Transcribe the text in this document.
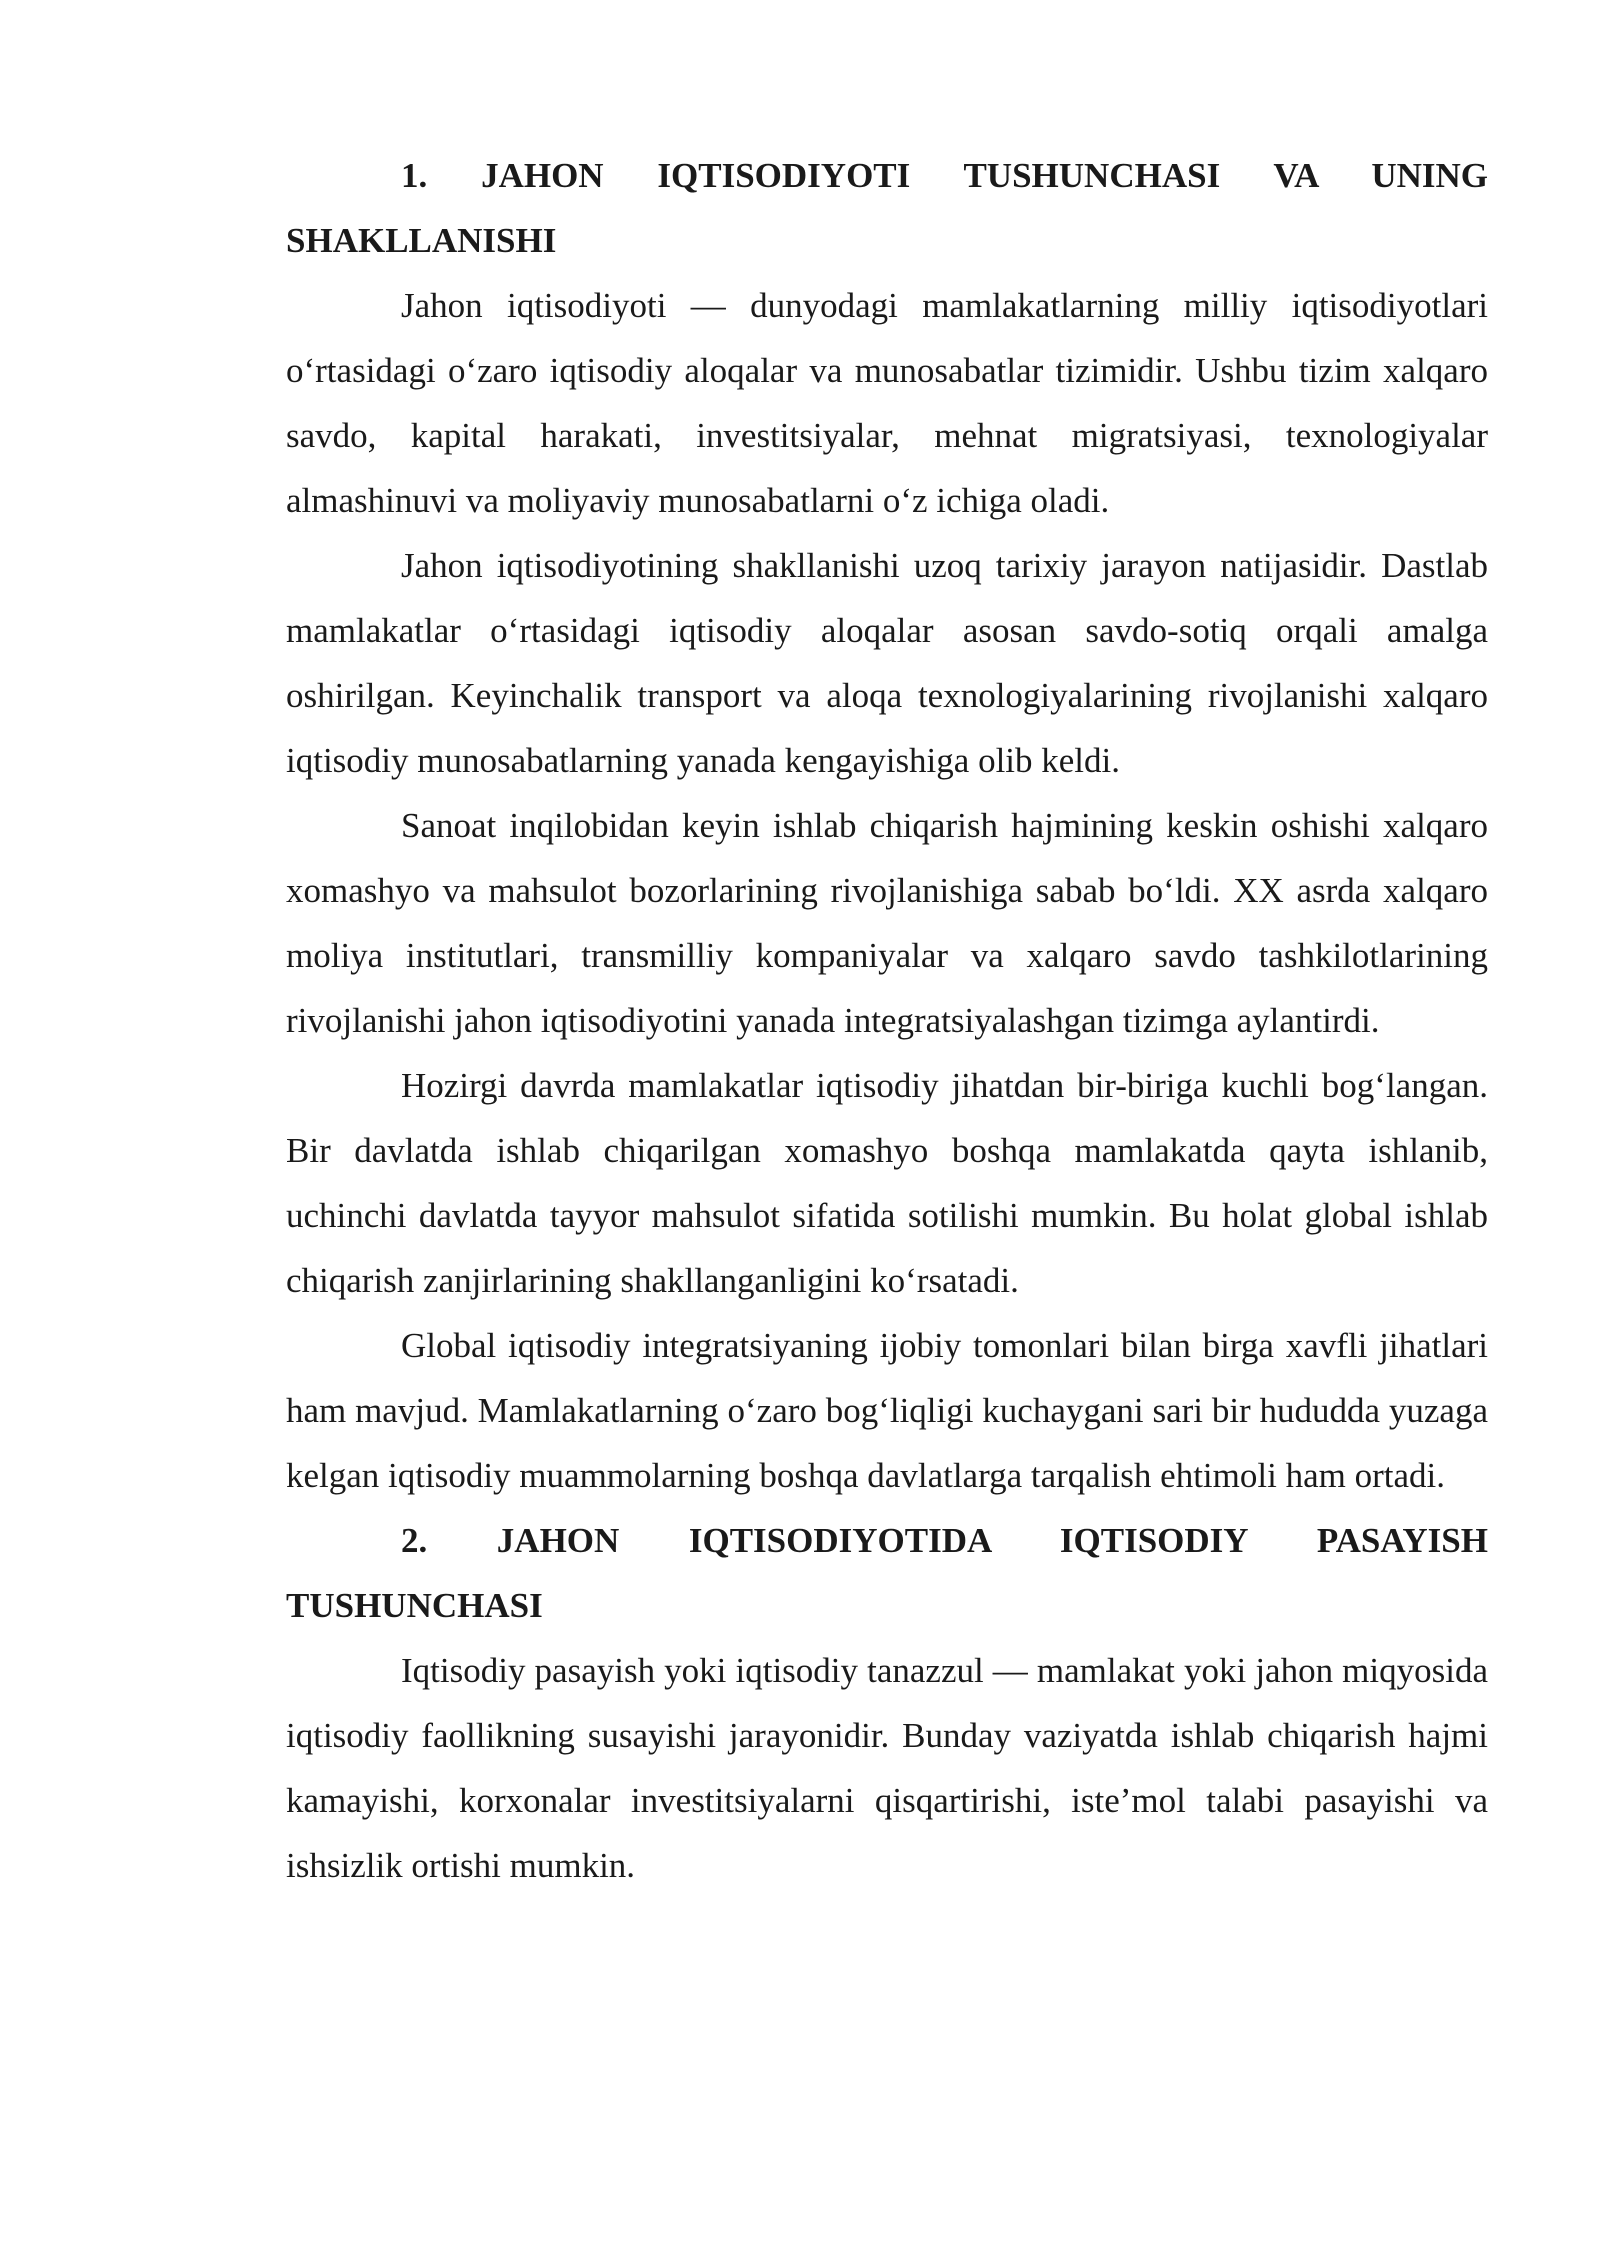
1. JAHON IQTISODIYOTI TUSHUNCHASI VA UNING SHAKLLANISHI

Jahon iqtisodiyoti — dunyodagi mamlakatlarning milliy iqtisodiyotlari o‘rtasidagi o‘zaro iqtisodiy aloqalar va munosabatlar tizimidir. Ushbu tizim xalqaro savdo, kapital harakati, investitsiyalar, mehnat migratsiyasi, texnologiyalar almashinuvi va moliyaviy munosabatlarni o‘z ichiga oladi.

Jahon iqtisodiyotining shakllanishi uzoq tarixiy jarayon natijasidir. Dastlab mamlakatlar o‘rtasidagi iqtisodiy aloqalar asosan savdo-sotiq orqali amalga oshirilgan. Keyinchalik transport va aloqa texnologiyalarining rivojlanishi xalqaro iqtisodiy munosabatlarning yanada kengayishiga olib keldi.

Sanoat inqilobidan keyin ishlab chiqarish hajmining keskin oshishi xalqaro xomashyo va mahsulot bozorlarining rivojlanishiga sabab bo‘ldi. XX asrda xalqaro moliya institutlari, transmilliy kompaniyalar va xalqaro savdo tashkilotlarining rivojlanishi jahon iqtisodiyotini yanada integratsiyalashgan tizimga aylantirdi.

Hozirgi davrda mamlakatlar iqtisodiy jihatdan bir-biriga kuchli bog‘langan. Bir davlatda ishlab chiqarilgan xomashyo boshqa mamlakatda qayta ishlanib, uchinchi davlatda tayyor mahsulot sifatida sotilishi mumkin. Bu holat global ishlab chiqarish zanjirlarining shakllanganligini ko‘rsatadi.

Global iqtisodiy integratsiyaning ijobiy tomonlari bilan birga xavfli jihatlari ham mavjud. Mamlakatlarning o‘zaro bog‘liqligi kuchaygani sari bir hududda yuzaga kelgan iqtisodiy muammolarning boshqa davlatlarga tarqalish ehtimoli ham ortadi.

2. JAHON IQTISODIYOTIDA IQTISODIY PASAYISH TUSHUNCHASI

Iqtisodiy pasayish yoki iqtisodiy tanazzul — mamlakat yoki jahon miqyosida iqtisodiy faollikning susayishi jarayonidir. Bunday vaziyatda ishlab chiqarish hajmi kamayishi, korxonalar investitsiyalarni qisqartirishi, iste’mol talabi pasayishi va ishsizlik ortishi mumkin.
